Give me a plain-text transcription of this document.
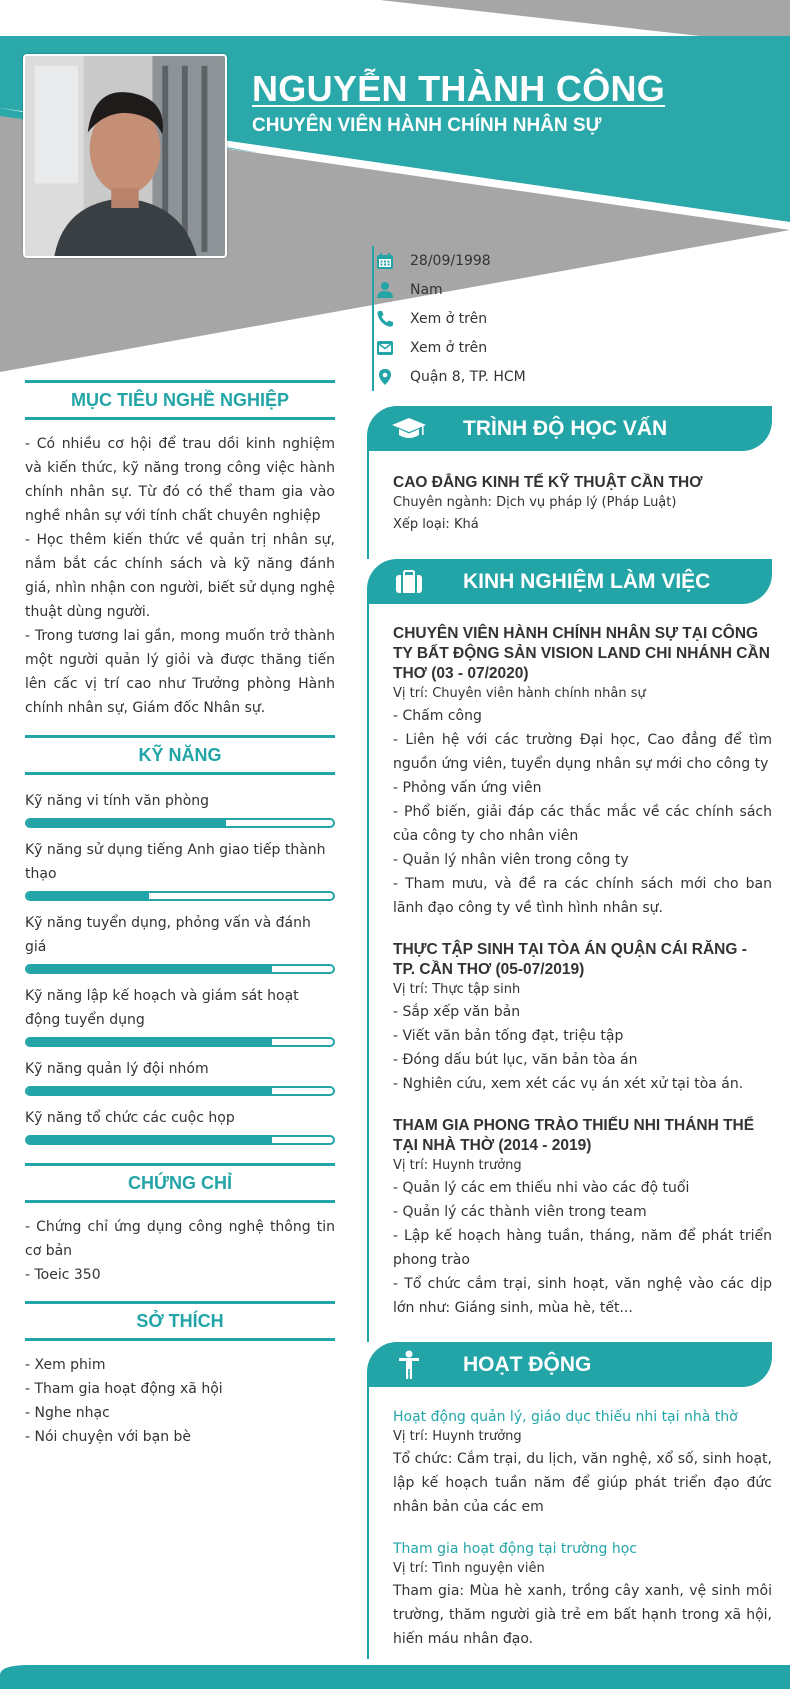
NGUYỄN THÀNH CÔNG
CHUYÊN VIÊN HÀNH CHÍNH NHÂN SỰ
28/09/1998
Nam
Xem ở trên
Xem ở trên
Quận 8, TP. HCM
MỤC TIÊU NGHỀ NGHIỆP
- Có nhiều cơ hội để trau dồi kinh nghiệm và kiến thức, kỹ năng trong công việc hành chính nhân sự. Từ đó có thể tham gia vào nghề nhân sự với tính chất chuyên nghiệp
- Học thêm kiến thức về quản trị nhân sự, nắm bắt các chính sách và kỹ năng đánh giá, nhìn nhận con người, biết sử dụng nghệ thuật dùng người.
- Trong tương lai gần, mong muốn trở thành một người quản lý giỏi và được thăng tiến lên cấc vị trí cao như Trưởng phòng Hành chính nhân sự, Giám đốc Nhân sự.
KỸ NĂNG
Kỹ năng vi tính văn phòng
Kỹ năng sử dụng tiếng Anh giao tiếp thành thạo
Kỹ năng tuyển dụng, phỏng vấn và đánh giá
Kỹ năng lập kế hoạch và giám sát hoạt động tuyển dụng
Kỹ năng quản lý đội nhóm
Kỹ năng tổ chức các cuộc họp
CHỨNG CHỈ
- Chứng chỉ ứng dụng công nghệ thông tin cơ bản
- Toeic 350
SỞ THÍCH
- Xem phim
- Tham gia hoạt động xã hội
- Nghe nhạc
- Nói chuyện với bạn bè
TRÌNH ĐỘ HỌC VẤN
CAO ĐẲNG KINH TẾ KỸ THUẬT CẦN THƠ
Chuyên ngành: Dịch vụ pháp lý (Pháp Luật)
Xếp loại: Khá
KINH NGHIỆM LÀM VIỆC
CHUYÊN VIÊN HÀNH CHÍNH NHÂN SỰ TẠI CÔNG TY BẤT ĐỘNG SẢN VISION LAND CHI NHÁNH CẦN THƠ (03 - 07/2020)
Vị trí: Chuyên viên hành chính nhân sự
- Chấm công
- Liên hệ với các trường Đại học, Cao đẳng để tìm nguồn ứng viên, tuyển dụng nhân sự mới cho công ty
- Phỏng vấn ứng viên
- Phổ biến, giải đáp các thắc mắc về các chính sách của công ty cho nhân viên
- Quản lý nhân viên trong công ty
- Tham mưu, và đề ra các chính sách mới cho ban lãnh đạo công ty về tình hình nhân sự.
THỰC TẬP SINH TẠI TÒA ÁN QUẬN CÁI RĂNG - TP. CẦN THƠ (05-07/2019)
Vị trí: Thực tập sinh
- Sắp xếp văn bản
- Viết văn bản tống đạt, triệu tập
- Đóng dấu bút lục, văn bản tòa án
- Nghiên cứu, xem xét các vụ án xét xử tại tòa án.
THAM GIA PHONG TRÀO THIẾU NHI THÁNH THỂ TẠI NHÀ THỜ (2014 - 2019)
Vị trí: Huynh trưởng
- Quản lý các em thiếu nhi vào các độ tuổi
- Quản lý các thành viên trong team
- Lập kế hoạch hàng tuần, tháng, năm để phát triển phong trào
- Tổ chức cắm trại, sinh hoạt, văn nghệ vào các dịp lớn như: Giáng sinh, mùa hè, tết...
HOẠT ĐỘNG
Hoạt động quản lý, giáo dục thiếu nhi tại nhà thờ
Vị trí: Huynh trưởng
Tổ chức: Cắm trại, du lịch, văn nghệ, xổ số, sinh hoạt, lập kế hoạch tuần năm để giúp phát triển đạo đức nhân bản của các em
Tham gia hoạt động tại trường học
Vị trí: Tình nguyện viên
Tham gia: Mùa hè xanh, trồng cây xanh, vệ sinh môi trường, thăm người già trẻ em bất hạnh trong xã hội, hiến máu nhân đạo.
